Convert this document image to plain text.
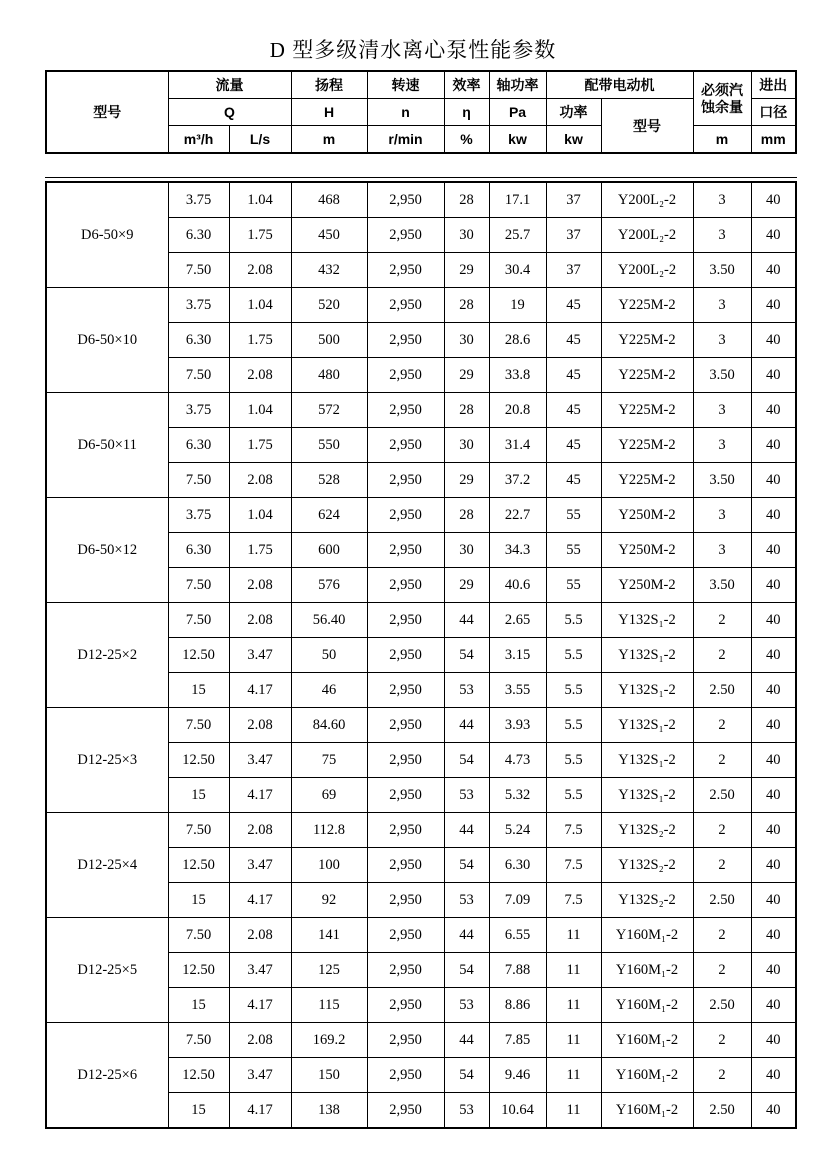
D 型多级清水离心泵性能参数
型号	流量		扬程	转速	效率	轴功率	配带电动机		必须汽蚀余量	进出
	Q		H	n	η	Pa	功率	型号		口径
	m³/h	L/s	m	r/min	%	kw	kw		m	mm
D6-50×9	3.75	1.04	468	2,950	28	17.1	37	Y200L₂-2	3	40
	6.30	1.75	450	2,950	30	25.7	37	Y200L₂-2	3	40
	7.50	2.08	432	2,950	29	30.4	37	Y200L₂-2	3.50	40
D6-50×10	3.75	1.04	520	2,950	28	19	45	Y225M-2	3	40
	6.30	1.75	500	2,950	30	28.6	45	Y225M-2	3	40
	7.50	2.08	480	2,950	29	33.8	45	Y225M-2	3.50	40
D6-50×11	3.75	1.04	572	2,950	28	20.8	45	Y225M-2	3	40
	6.30	1.75	550	2,950	30	31.4	45	Y225M-2	3	40
	7.50	2.08	528	2,950	29	37.2	45	Y225M-2	3.50	40
D6-50×12	3.75	1.04	624	2,950	28	22.7	55	Y250M-2	3	40
	6.30	1.75	600	2,950	30	34.3	55	Y250M-2	3	40
	7.50	2.08	576	2,950	29	40.6	55	Y250M-2	3.50	40
D12-25×2	7.50	2.08	56.40	2,950	44	2.65	5.5	Y132S₁-2	2	40
	12.50	3.47	50	2,950	54	3.15	5.5	Y132S₁-2	2	40
	15	4.17	46	2,950	53	3.55	5.5	Y132S₁-2	2.50	40
D12-25×3	7.50	2.08	84.60	2,950	44	3.93	5.5	Y132S₁-2	2	40
	12.50	3.47	75	2,950	54	4.73	5.5	Y132S₁-2	2	40
	15	4.17	69	2,950	53	5.32	5.5	Y132S₁-2	2.50	40
D12-25×4	7.50	2.08	112.8	2,950	44	5.24	7.5	Y132S₂-2	2	40
	12.50	3.47	100	2,950	54	6.30	7.5	Y132S₂-2	2	40
	15	4.17	92	2,950	53	7.09	7.5	Y132S₂-2	2.50	40
D12-25×5	7.50	2.08	141	2,950	44	6.55	11	Y160M₁-2	2	40
	12.50	3.47	125	2,950	54	7.88	11	Y160M₁-2	2	40
	15	4.17	115	2,950	53	8.86	11	Y160M₁-2	2.50	40
D12-25×6	7.50	2.08	169.2	2,950	44	7.85	11	Y160M₁-2	2	40
	12.50	3.47	150	2,950	54	9.46	11	Y160M₁-2	2	40
	15	4.17	138	2,950	53	10.64	11	Y160M₁-2	2.50	40
